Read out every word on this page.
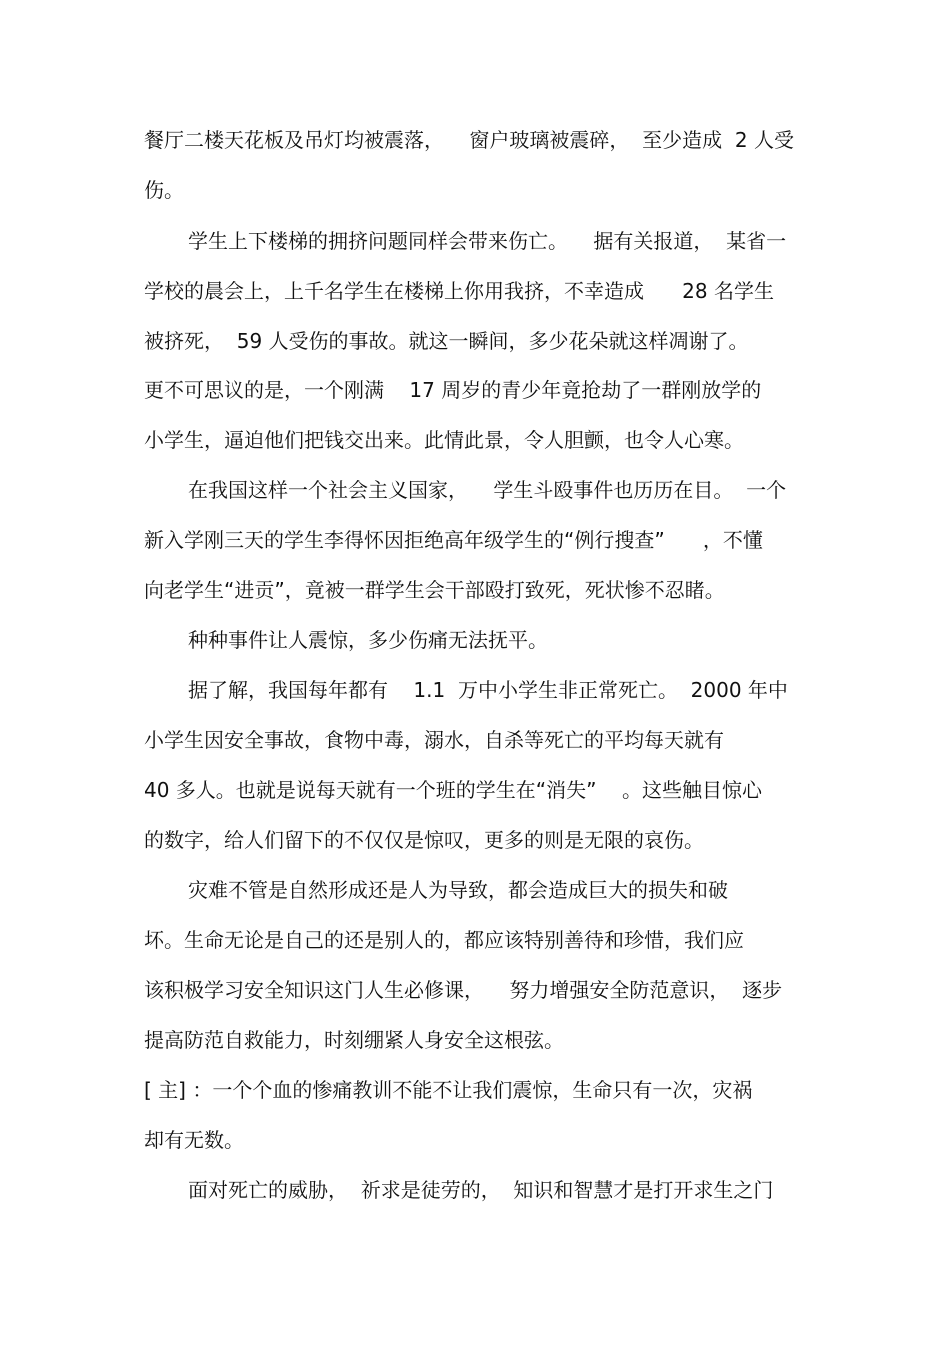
餐厅二楼天花板及吊灯均被震落，    窗户玻璃被震碎，  至少造成  2 人受

伤。

学生上下楼梯的拥挤问题同样会带来伤亡。    据有关报道，  某省一

学校的晨会上，上千名学生在楼梯上你用我挤，不幸造成      28 名学生

被挤死，  59 人受伤的事故。就这一瞬间，多少花朵就这样凋谢了。

更不可思议的是，一个刚满    17 周岁的青少年竟抢劫了一群刚放学的

小学生，逼迫他们把钱交出来。此情此景，令人胆颤，也令人心寒。

在我国这样一个社会主义国家，    学生斗殴事件也历历在目。  一个

新入学刚三天的学生李得怀因拒绝高年级学生的“例行搜查”      ，不懂

向老学生“进贡”，竟被一群学生会干部殴打致死，死状惨不忍睹。

种种事件让人震惊，多少伤痛无法抚平。

据了解，我国每年都有    1.1  万中小学生非正常死亡。  2000 年中

小学生因安全事故，食物中毒，溺水，自杀等死亡的平均每天就有

40 多人。也就是说每天就有一个班的学生在“消失”    。这些触目惊心

的数字，给人们留下的不仅仅是惊叹，更多的则是无限的哀伤。

灾难不管是自然形成还是人为导致，都会造成巨大的损失和破

坏。生命无论是自己的还是别人的，都应该特别善待和珍惜，我们应

该积极学习安全知识这门人生必修课，    努力增强安全防范意识，  逐步

提高防范自救能力，时刻绷紧人身安全这根弦。

[ 主] ：一个个血的惨痛教训不能不让我们震惊，生命只有一次，灾祸

却有无数。

面对死亡的威胁，  祈求是徒劳的，  知识和智慧才是打开求生之门
